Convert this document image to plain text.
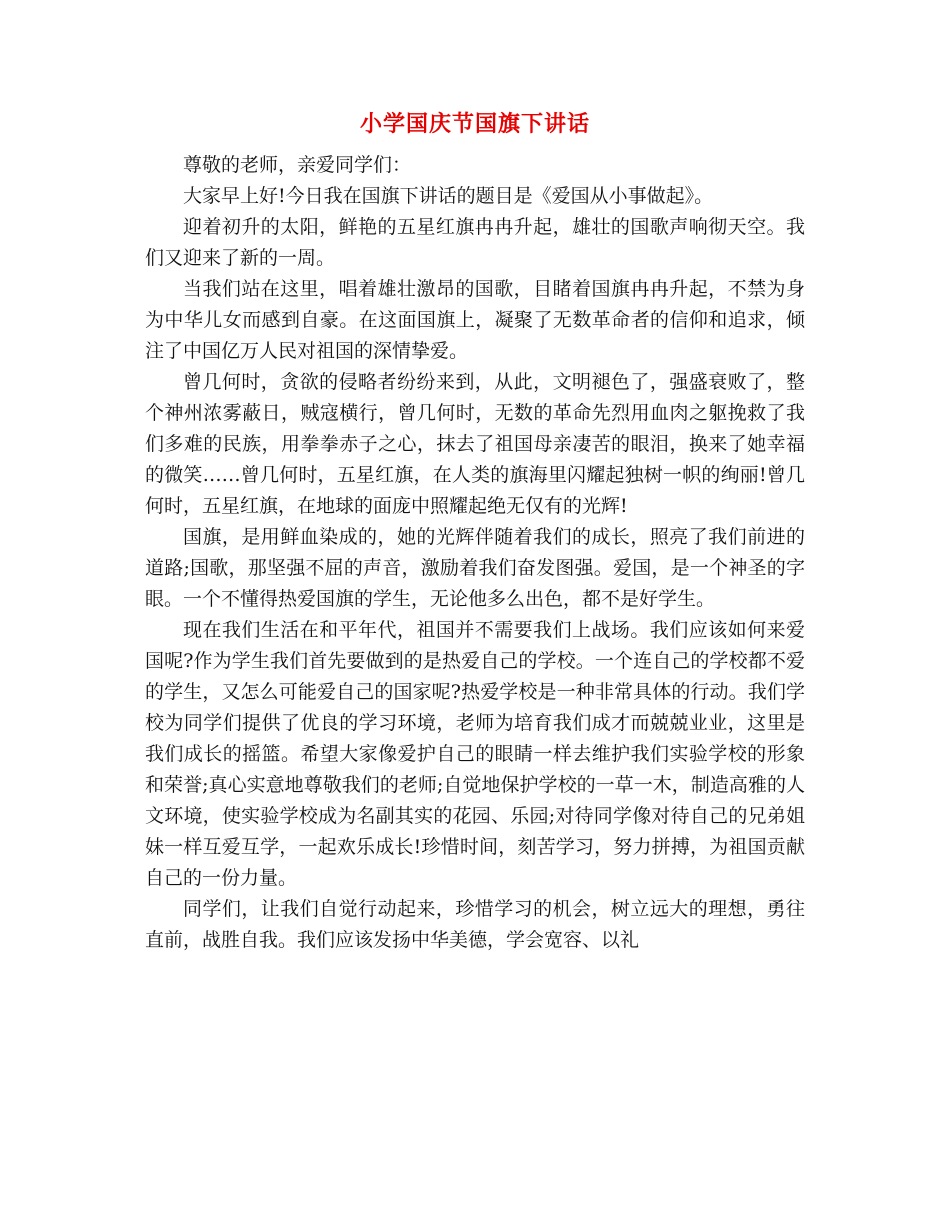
小学国庆节国旗下讲话

尊敬的老师，亲爱同学们：

大家早上好!今日我在国旗下讲话的题目是《爱国从小事做起》。

迎着初升的太阳，鲜艳的五星红旗冉冉升起，雄壮的国歌声响彻天空。我们又迎来了新的一周。

当我们站在这里，唱着雄壮激昂的国歌，目睹着国旗冉冉升起，不禁为身为中华儿女而感到自豪。在这面国旗上，凝聚了无数革命者的信仰和追求，倾注了中国亿万人民对祖国的深情挚爱。

曾几何时，贪欲的侵略者纷纷来到，从此，文明褪色了，强盛衰败了，整个神州浓雾蔽日，贼寇横行，曾几何时，无数的革命先烈用血肉之躯挽救了我们多难的民族，用拳拳赤子之心，抹去了祖国母亲凄苦的眼泪，换来了她幸福的微笑……曾几何时，五星红旗，在人类的旗海里闪耀起独树一帜的绚丽!曾几何时，五星红旗，在地球的面庞中照耀起绝无仅有的光辉!

国旗，是用鲜血染成的，她的光辉伴随着我们的成长，照亮了我们前进的道路;国歌，那坚强不屈的声音，激励着我们奋发图强。爱国，是一个神圣的字眼。一个不懂得热爱国旗的学生，无论他多么出色，都不是好学生。

现在我们生活在和平年代，祖国并不需要我们上战场。我们应该如何来爱国呢?作为学生我们首先要做到的是热爱自己的学校。一个连自己的学校都不爱的学生，又怎么可能爱自己的国家呢?热爱学校是一种非常具体的行动。我们学校为同学们提供了优良的学习环境，老师为培育我们成才而兢兢业业，这里是我们成长的摇篮。希望大家像爱护自己的眼睛一样去维护我们实验学校的形象和荣誉;真心实意地尊敬我们的老师;自觉地保护学校的一草一木，制造高雅的人文环境，使实验学校成为名副其实的花园、乐园;对待同学像对待自己的兄弟姐妹一样互爱互学，一起欢乐成长!珍惜时间，刻苦学习，努力拼搏，为祖国贡献自己的一份力量。

同学们，让我们自觉行动起来，珍惜学习的机会，树立远大的理想，勇往直前，战胜自我。我们应该发扬中华美德，学会宽容、以礼
